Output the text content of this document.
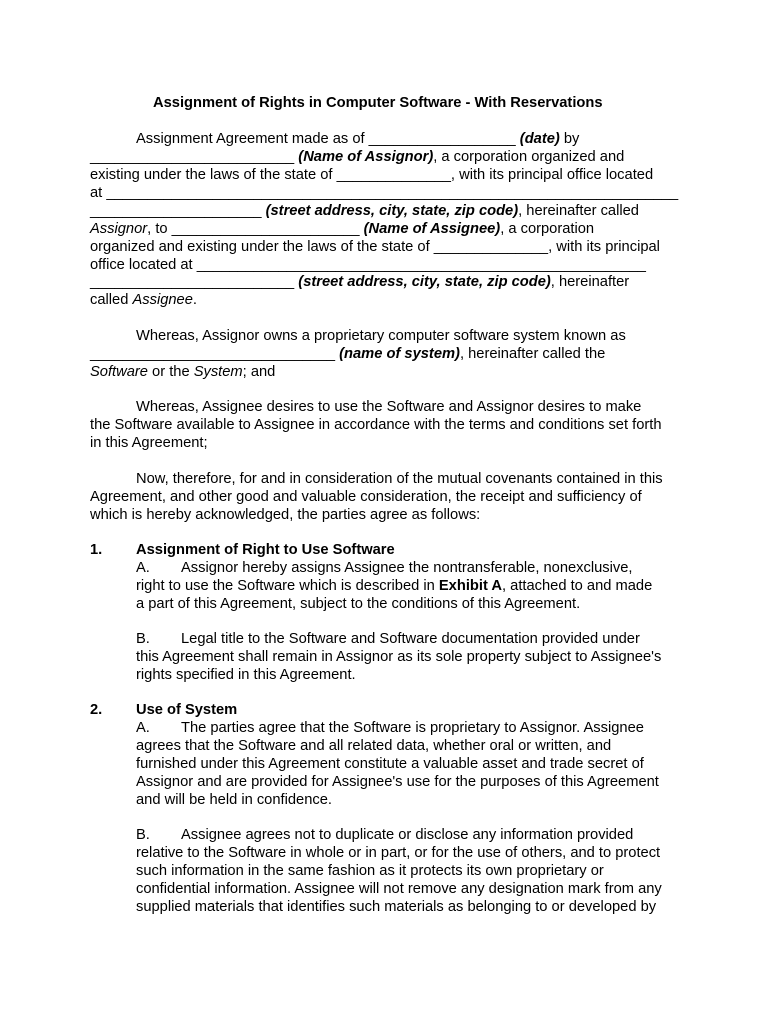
Assignment of Rights in Computer Software - With Reservations
Assignment Agreement made as of __________________ (date) by
_________________________ (Name of Assignor), a corporation organized and
existing under the laws of the state of ______________, with its principal office located
at ______________________________________________________________________
_____________________ (street address, city, state, zip code), hereinafter called
Assignor, to _______________________ (Name of Assignee), a corporation
organized and existing under the laws of the state of ______________, with its principal
office located at _______________________________________________________
_________________________ (street address, city, state, zip code), hereinafter
called Assignee.
Whereas, Assignor owns a proprietary computer software system known as
______________________________ (name of system), hereinafter called the
Software or the System; and
Whereas, Assignee desires to use the Software and Assignor desires to make
the Software available to Assignee in accordance with the terms and conditions set forth
in this Agreement;
Now, therefore, for and in consideration of the mutual covenants contained in this
Agreement, and other good and valuable consideration, the receipt and sufficiency of
which is hereby acknowledged, the parties agree as follows:
1. Assignment of Right to Use Software
A. Assignor hereby assigns Assignee the nontransferable, nonexclusive,
right to use the Software which is described in Exhibit A, attached to and made
a part of this Agreement, subject to the conditions of this Agreement.
B. Legal title to the Software and Software documentation provided under
this Agreement shall remain in Assignor as its sole property subject to Assignee's
rights specified in this Agreement.
2. Use of System
A. The parties agree that the Software is proprietary to Assignor. Assignee
agrees that the Software and all related data, whether oral or written, and
furnished under this Agreement constitute a valuable asset and trade secret of
Assignor and are provided for Assignee's use for the purposes of this Agreement
and will be held in confidence.
B. Assignee agrees not to duplicate or disclose any information provided
relative to the Software in whole or in part, or for the use of others, and to protect
such information in the same fashion as it protects its own proprietary or
confidential information. Assignee will not remove any designation mark from any
supplied materials that identifies such materials as belonging to or developed by
